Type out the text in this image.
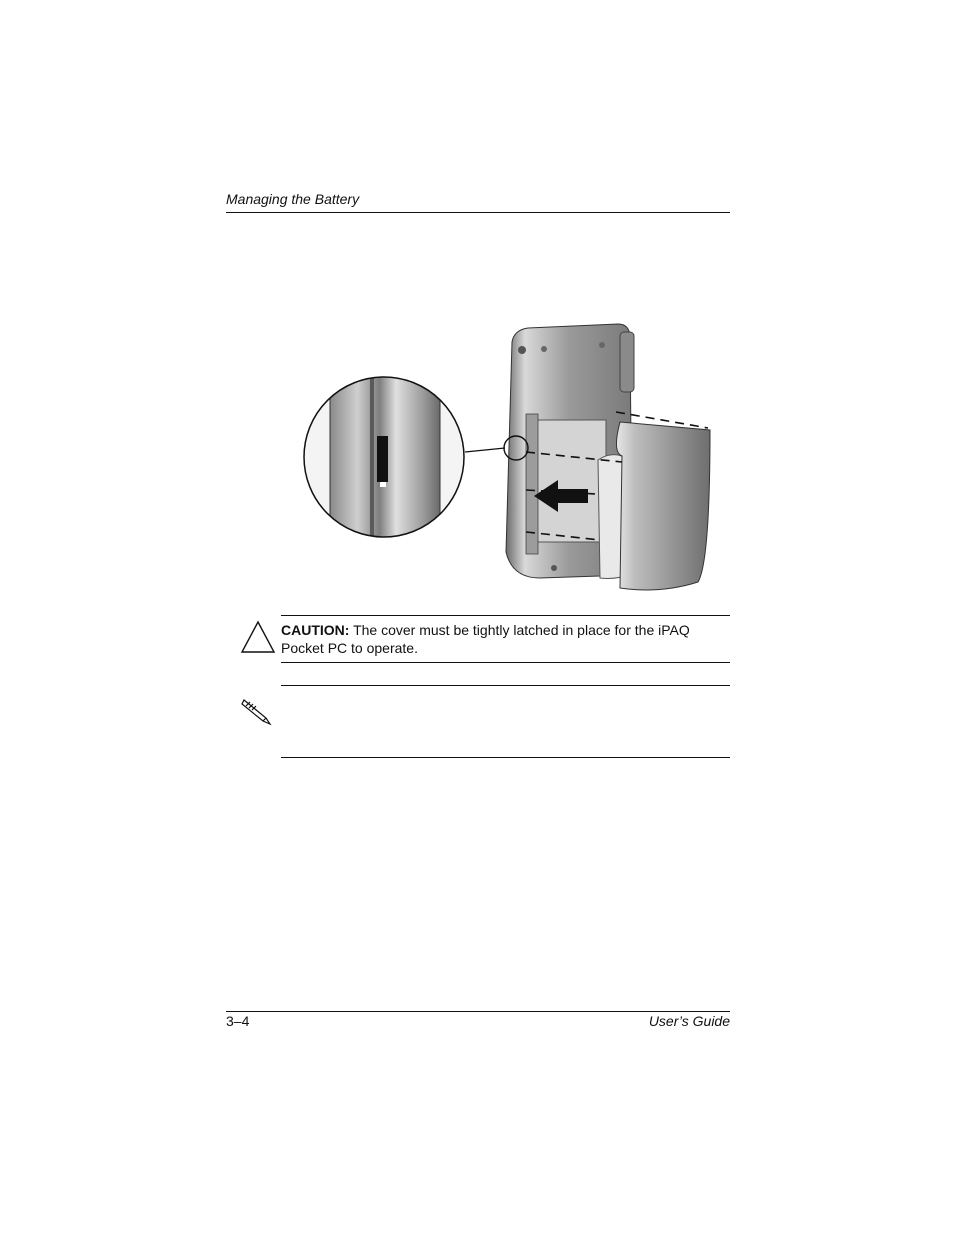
Managing the Battery
CAUTION: The cover must be tightly latched in place for the iPAQ Pocket PC to operate.
3–4	User’s Guide
